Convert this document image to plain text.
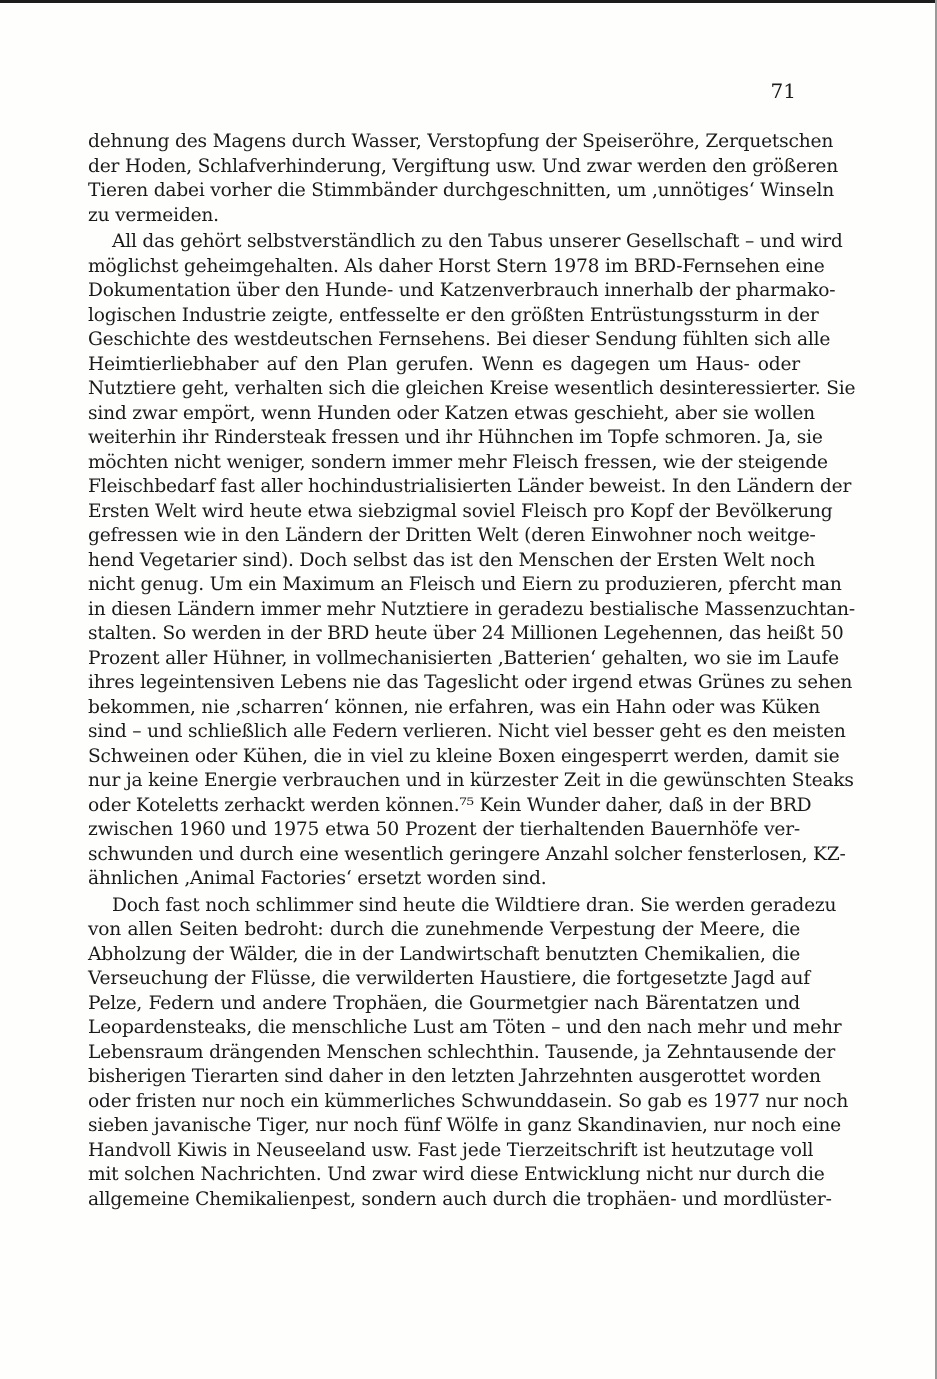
71
dehnung des Magens durch Wasser, Verstopfung der Speiseröhre, Zerquetschen
der Hoden, Schlafverhinderung, Vergiftung usw. Und zwar werden den größeren
Tieren dabei vorher die Stimmbänder durchgeschnitten, um ‚unnötiges‘ Winseln
zu vermeiden.
All das gehört selbstverständlich zu den Tabus unserer Gesellschaft – und wird
möglichst geheimgehalten. Als daher Horst Stern 1978 im BRD-Fernsehen eine
Dokumentation über den Hunde- und Katzenverbrauch innerhalb der pharmako-
logischen Industrie zeigte, entfesselte er den größten Entrüstungssturm in der
Geschichte des westdeutschen Fernsehens. Bei dieser Sendung fühlten sich alle
Heimtierliebhaber auf den Plan gerufen. Wenn es dagegen um Haus- oder
Nutztiere geht, verhalten sich die gleichen Kreise wesentlich desinteressierter. Sie
sind zwar empört, wenn Hunden oder Katzen etwas geschieht, aber sie wollen
weiterhin ihr Rindersteak fressen und ihr Hühnchen im Topfe schmoren. Ja, sie
möchten nicht weniger, sondern immer mehr Fleisch fressen, wie der steigende
Fleischbedarf fast aller hochindustrialisierten Länder beweist. In den Ländern der
Ersten Welt wird heute etwa siebzigmal soviel Fleisch pro Kopf der Bevölkerung
gefressen wie in den Ländern der Dritten Welt (deren Einwohner noch weitge-
hend Vegetarier sind). Doch selbst das ist den Menschen der Ersten Welt noch
nicht genug. Um ein Maximum an Fleisch und Eiern zu produzieren, pfercht man
in diesen Ländern immer mehr Nutztiere in geradezu bestialische Massenzuchtan-
stalten. So werden in der BRD heute über 24 Millionen Legehennen, das heißt 50
Prozent aller Hühner, in vollmechanisierten ‚Batterien‘ gehalten, wo sie im Laufe
ihres legeintensiven Lebens nie das Tageslicht oder irgend etwas Grünes zu sehen
bekommen, nie ‚scharren‘ können, nie erfahren, was ein Hahn oder was Küken
sind – und schließlich alle Federn verlieren. Nicht viel besser geht es den meisten
Schweinen oder Kühen, die in viel zu kleine Boxen eingesperrt werden, damit sie
nur ja keine Energie verbrauchen und in kürzester Zeit in die gewünschten Steaks
oder Koteletts zerhackt werden können.⁷⁵ Kein Wunder daher, daß in der BRD
zwischen 1960 und 1975 etwa 50 Prozent der tierhaltenden Bauernhöfe ver-
schwunden und durch eine wesentlich geringere Anzahl solcher fensterlosen, KZ-
ähnlichen ‚Animal Factories‘ ersetzt worden sind.
Doch fast noch schlimmer sind heute die Wildtiere dran. Sie werden geradezu
von allen Seiten bedroht: durch die zunehmende Verpestung der Meere, die
Abholzung der Wälder, die in der Landwirtschaft benutzten Chemikalien, die
Verseuchung der Flüsse, die verwilderten Haustiere, die fortgesetzte Jagd auf
Pelze, Federn und andere Trophäen, die Gourmetgier nach Bärentatzen und
Leopardensteaks, die menschliche Lust am Töten – und den nach mehr und mehr
Lebensraum drängenden Menschen schlechthin. Tausende, ja Zehntausende der
bisherigen Tierarten sind daher in den letzten Jahrzehnten ausgerottet worden
oder fristen nur noch ein kümmerliches Schwunddasein. So gab es 1977 nur noch
sieben javanische Tiger, nur noch fünf Wölfe in ganz Skandinavien, nur noch eine
Handvoll Kiwis in Neuseeland usw. Fast jede Tierzeitschrift ist heutzutage voll
mit solchen Nachrichten. Und zwar wird diese Entwicklung nicht nur durch die
allgemeine Chemikalienpest, sondern auch durch die trophäen- und mordlüster-
